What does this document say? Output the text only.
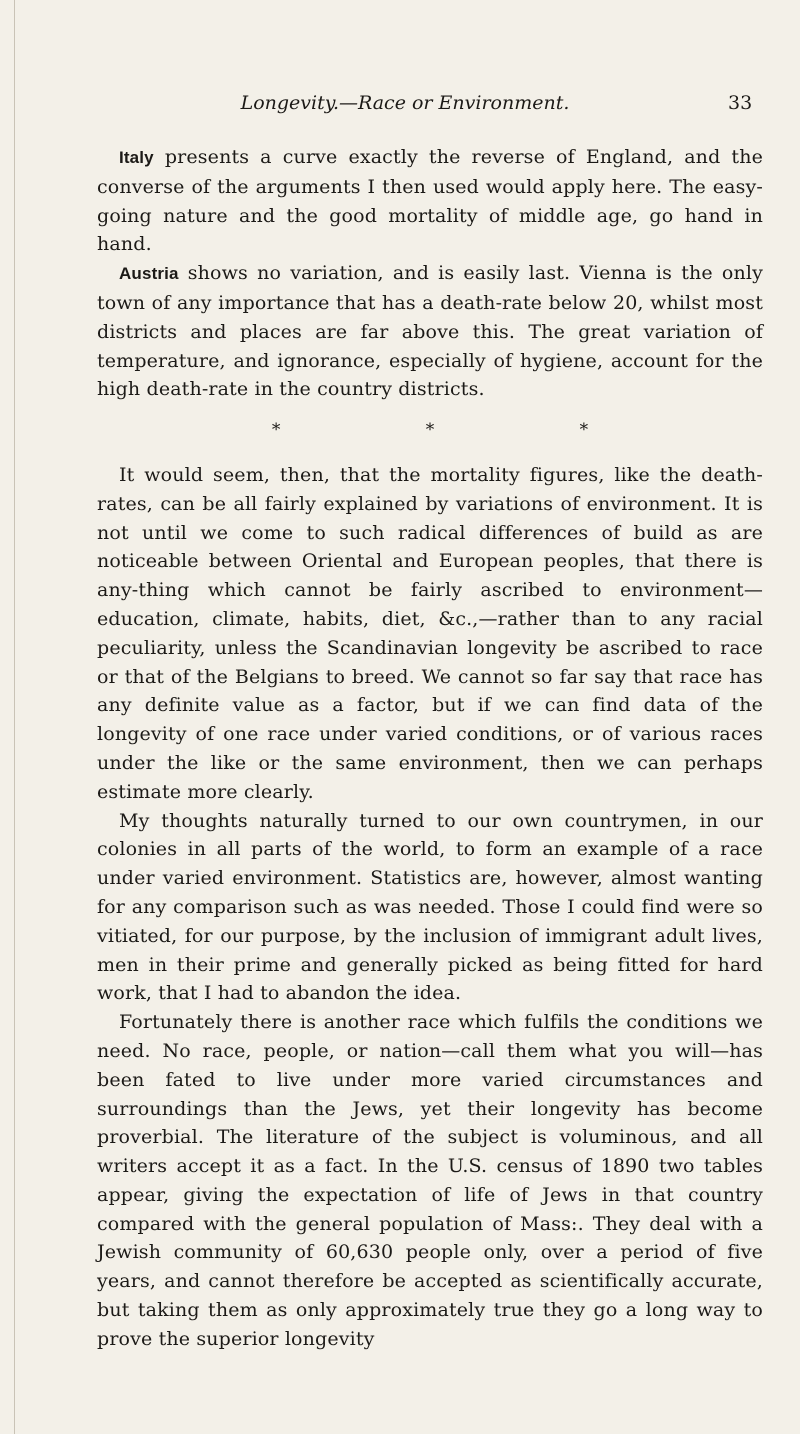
Longevity.—Race or Environment.	33

Italy presents a curve exactly the reverse of England, and the converse of the arguments I then used would apply here. The easy-going nature and the good mortality of middle age, go hand in hand.

Austria shows no variation, and is easily last. Vienna is the only town of any importance that has a death-rate below 20, whilst most districts and places are far above this. The great variation of temperature, and ignorance, especially of hygiene, account for the high death-rate in the country districts.

* * *

It would seem, then, that the mortality figures, like the death-rates, can be all fairly explained by variations of environment. It is not until we come to such radical differences of build as are noticeable between Oriental and European peoples, that there is any-thing which cannot be fairly ascribed to environment—education, climate, habits, diet, &c.,—rather than to any racial peculiarity, unless the Scandinavian longevity be ascribed to race or that of the Belgians to breed. We cannot so far say that race has any definite value as a factor, but if we can find data of the longevity of one race under varied conditions, or of various races under the like or the same environment, then we can perhaps estimate more clearly.

My thoughts naturally turned to our own countrymen, in our colonies in all parts of the world, to form an example of a race under varied environment. Statistics are, however, almost wanting for any comparison such as was needed. Those I could find were so vitiated, for our purpose, by the inclusion of immigrant adult lives, men in their prime and generally picked as being fitted for hard work, that I had to abandon the idea.

Fortunately there is another race which fulfils the conditions we need. No race, people, or nation—call them what you will—has been fated to live under more varied circumstances and surroundings than the Jews, yet their longevity has become proverbial. The literature of the subject is voluminous, and all writers accept it as a fact. In the U.S. census of 1890 two tables appear, giving the expectation of life of Jews in that country compared with the general population of Mass:. They deal with a Jewish community of 60,630 people only, over a period of five years, and cannot therefore be accepted as scientifically accurate, but taking them as only approximately true they go a long way to prove the superior longevity
